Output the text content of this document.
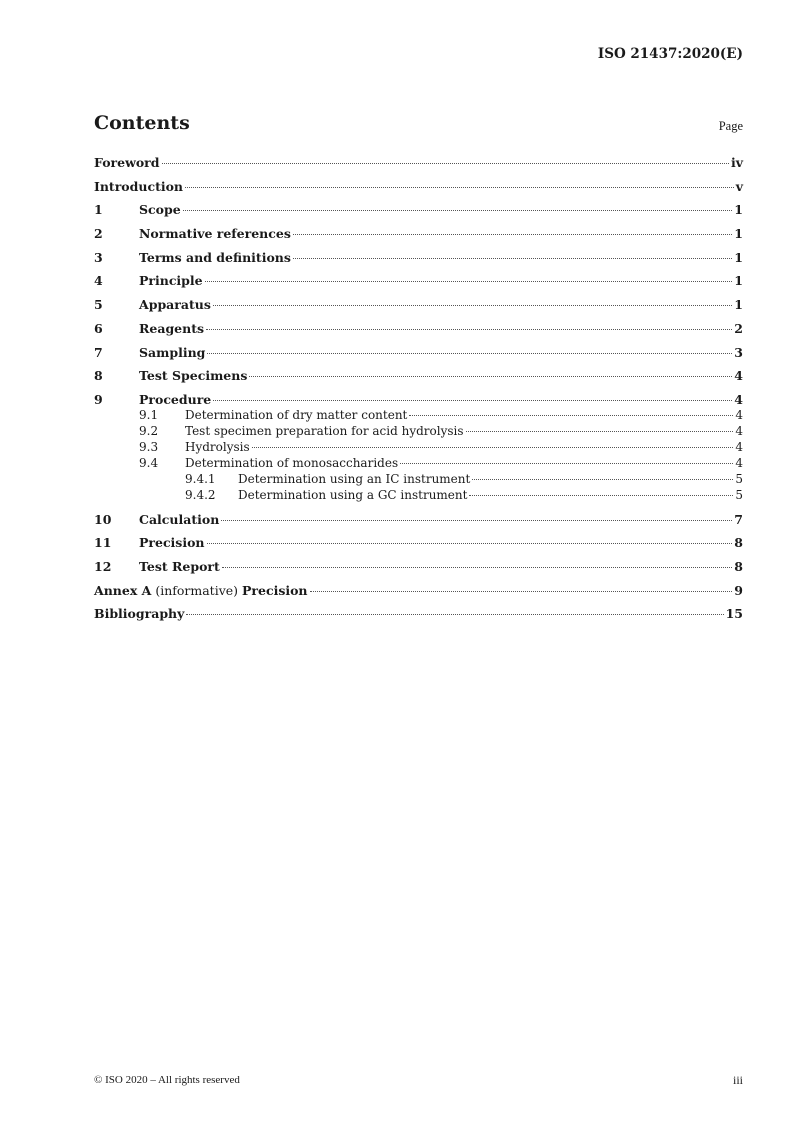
ISO 21437:2020(E)
Contents	Page
Foreword	iv
Introduction	v
1	Scope	1
2	Normative references	1
3	Terms and definitions	1
4	Principle	1
5	Apparatus	1
6	Reagents	2
7	Sampling	3
8	Test Specimens	4
9	Procedure	4
9.1	Determination of dry matter content	4
9.2	Test specimen preparation for acid hydrolysis	4
9.3	Hydrolysis	4
9.4	Determination of monosaccharides	4
9.4.1	Determination using an IC instrument	5
9.4.2	Determination using a GC instrument	5
10	Calculation	7
11	Precision	8
12	Test Report	8
Annex A (informative) Precision	9
Bibliography	15
© ISO 2020 – All rights reserved	iii
